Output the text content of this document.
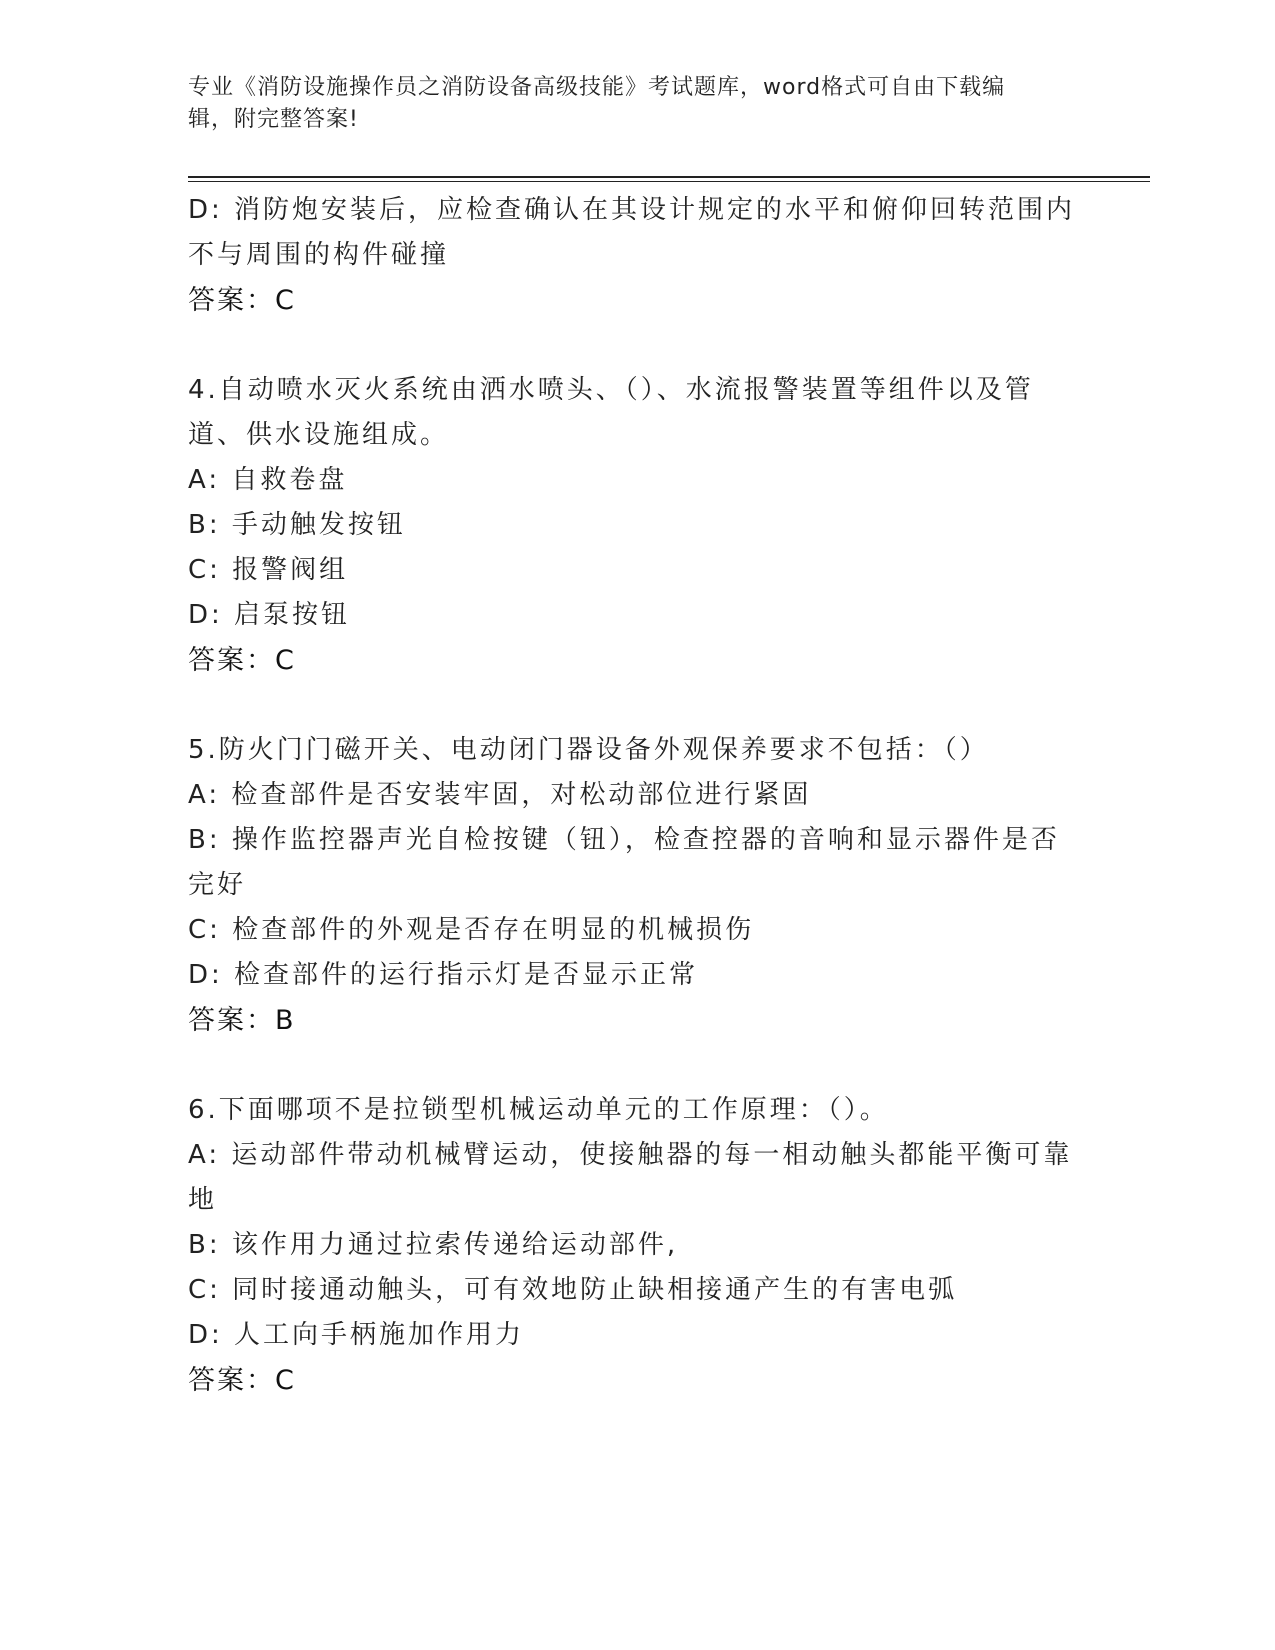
专业《消防设施操作员之消防设备高级技能》考试题库，word格式可自由下载编
辑，附完整答案!

D: 消防炮安装后，应检查确认在其设计规定的水平和俯仰回转范围内

不与周围的构件碰撞

答案：C

4.自动喷水灭火系统由洒水喷头、（）、水流报警装置等组件以及管

道、供水设施组成。

A: 自救卷盘

B: 手动触发按钮

C: 报警阀组

D: 启泵按钮

答案：C

5.防火门门磁开关、电动闭门器设备外观保养要求不包括：（）

A: 检查部件是否安装牢固，对松动部位进行紧固

B: 操作监控器声光自检按键（钮），检查控器的音响和显示器件是否

完好

C: 检查部件的外观是否存在明显的机械损伤

D: 检查部件的运行指示灯是否显示正常

答案：B

6.下面哪项不是拉锁型机械运动单元的工作原理：（）。

A: 运动部件带动机械臂运动，使接触器的每一相动触头都能平衡可靠

地

B: 该作用力通过拉索传递给运动部件,

C: 同时接通动触头，可有效地防止缺相接通产生的有害电弧

D: 人工向手柄施加作用力

答案：C
